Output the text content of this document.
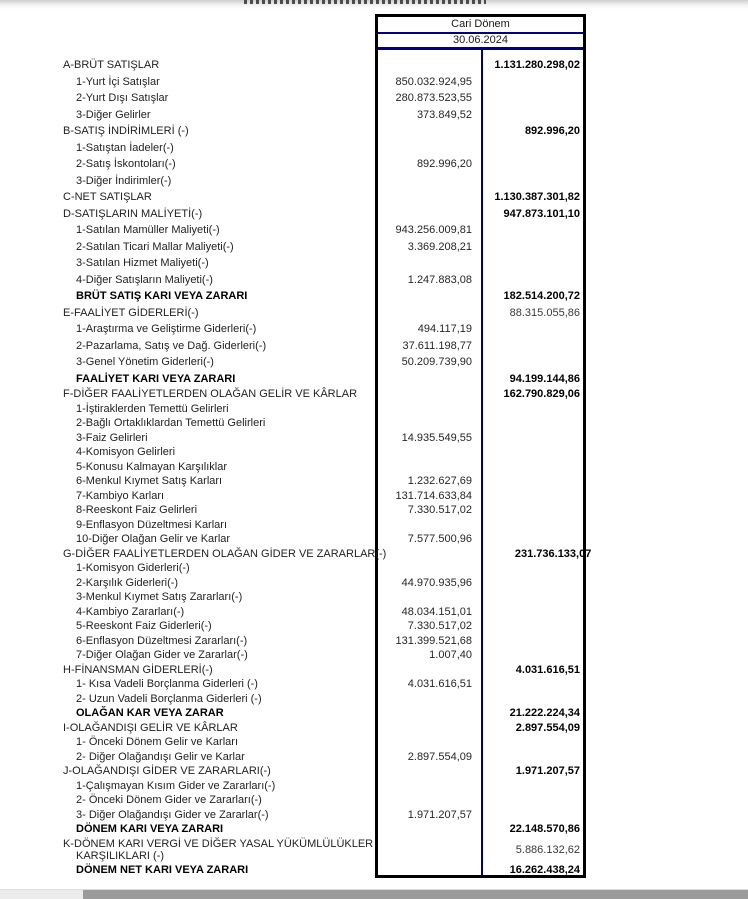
Cari Dönem
30.06.2024
A-BRÜT SATIŞLAR	1.131.280.298,02
1-Yurt İçi Satışlar	850.032.924,95
2-Yurt Dışı Satışlar	280.873.523,55
3-Diğer Gelirler	373.849,52
B-SATIŞ İNDİRİMLERİ (-)	892.996,20
1-Satıştan İadeler(-)
2-Satış İskontoları(-)	892.996,20
3-Diğer İndirimler(-)
C-NET SATIŞLAR	1.130.387.301,82
D-SATIŞLARIN MALİYETİ(-)	947.873.101,10
1-Satılan Mamüller Maliyeti(-)	943.256.009,81
2-Satılan Ticari Mallar Maliyeti(-)	3.369.208,21
3-Satılan Hizmet Maliyeti(-)
4-Diğer Satışların Maliyeti(-)	1.247.883,08
BRÜT SATIŞ KARI VEYA ZARARI	182.514.200,72
E-FAALİYET GİDERLERİ(-)	88.315.055,86
1-Araştırma ve Geliştirme Giderleri(-)	494.117,19
2-Pazarlama, Satış ve Dağ. Giderleri(-)	37.611.198,77
3-Genel Yönetim Giderleri(-)	50.209.739,90
FAALİYET KARI VEYA ZARARI	94.199.144,86
F-DİĞER FAALİYETLERDEN OLAĞAN GELİR VE KÂRLAR	162.790.829,06
1-İştiraklerden Temettü Gelirleri
2-Bağlı Ortaklıklardan Temettü Gelirleri
3-Faiz Gelirleri	14.935.549,55
4-Komisyon Gelirleri
5-Konusu Kalmayan Karşılıklar
6-Menkul Kıymet Satış Karları	1.232.627,69
7-Kambiyo Karları	131.714.633,84
8-Reeskont Faiz Gelirleri	7.330.517,02
9-Enflasyon Düzeltmesi Karları
10-Diğer Olağan Gelir ve Karlar	7.577.500,96
G-DİĞER FAALİYETLERDEN OLAĞAN GİDER VE ZARARLAR(-)	231.736.133,07
1-Komisyon Giderleri(-)
2-Karşılık Giderleri(-)	44.970.935,96
3-Menkul Kıymet Satış Zararları(-)
4-Kambiyo Zararları(-)	48.034.151,01
5-Reeskont Faiz Giderleri(-)	7.330.517,02
6-Enflasyon Düzeltmesi Zararları(-)	131.399.521,68
7-Diğer Olağan Gider ve Zararlar(-)	1.007,40
H-FİNANSMAN GİDERLERİ(-)	4.031.616,51
1- Kısa Vadeli Borçlanma Giderleri (-)	4.031.616,51
2- Uzun Vadeli Borçlanma Giderleri (-)
OLAĞAN KAR VEYA ZARAR	21.222.224,34
I-OLAĞANDIŞI GELİR VE KÂRLAR	2.897.554,09
1- Önceki Dönem Gelir ve Karları
2- Diğer Olağandışı Gelir ve Karlar	2.897.554,09
J-OLAĞANDIŞI GİDER VE ZARARLARI(-)	1.971.207,57
1-Çalışmayan Kısım Gider ve Zararları(-)
2- Önceki Dönem Gider ve Zararları(-)
3- Diğer Olağandışı Gider ve Zararlar(-)	1.971.207,57
DÖNEM KARI VEYA ZARARI	22.148.570,86
K-DÖNEM KARI VERGİ VE DİĞER YASAL YÜKÜMLÜLÜKLER
KARŞILIKLARI (-)	5.886.132,62
DÖNEM NET KARI VEYA ZARARI	16.262.438,24
